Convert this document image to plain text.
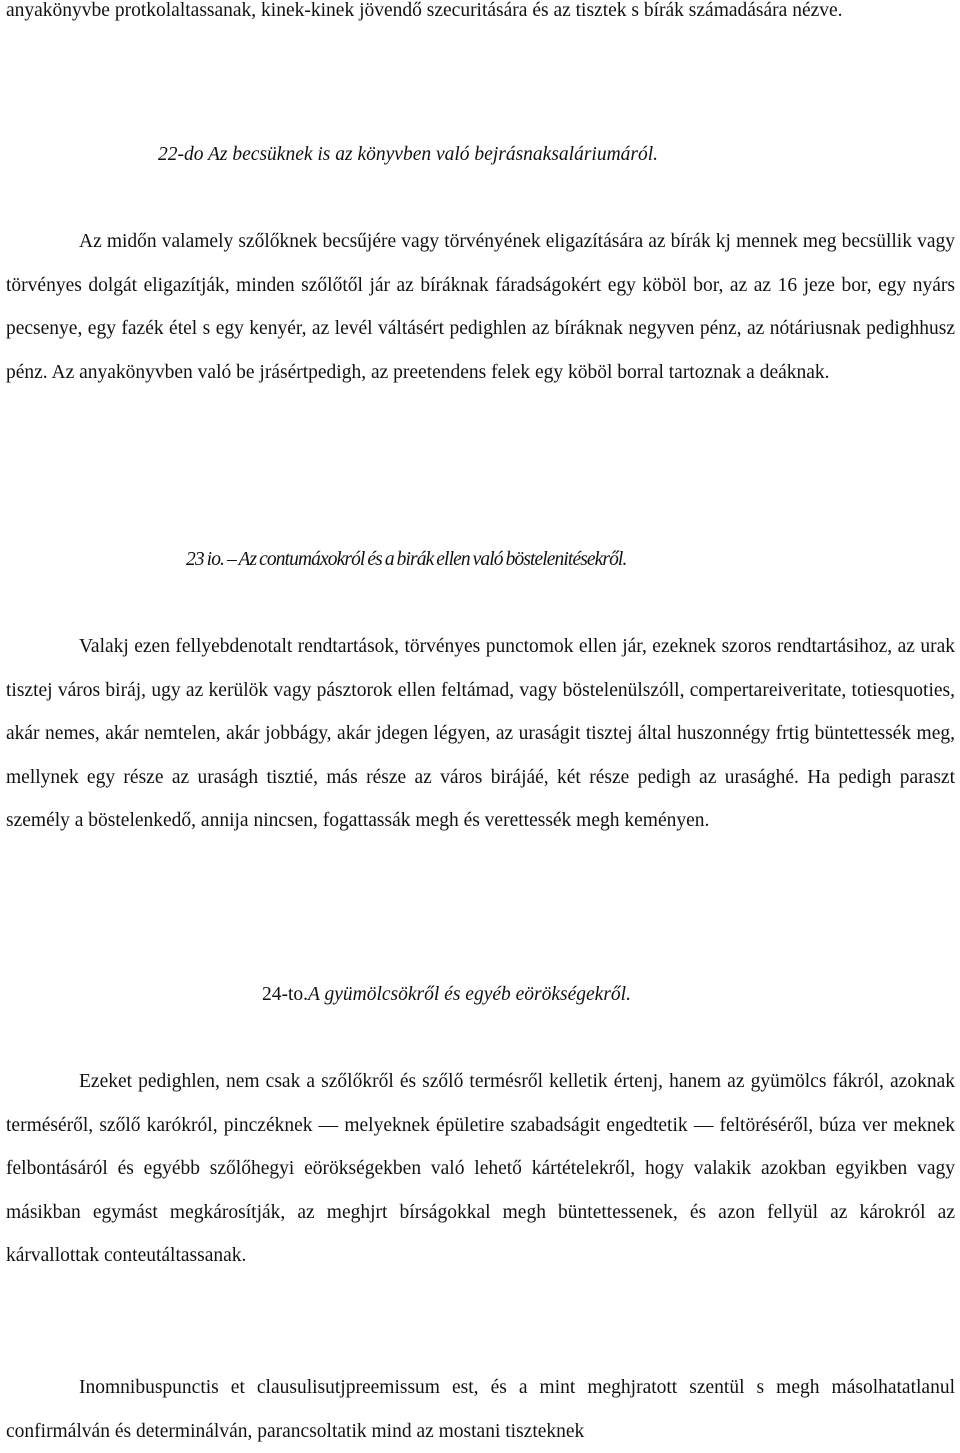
anyakönyvbe protkolaltassanak, kinek-kinek jövendő szecuritására és az tisztek s bírák számadására nézve.

22-do Az becsüknek is az könyvben való bejrásnaksaláriumáról.

Az midőn valamely szőlőknek becsűjére vagy törvényének eligazítására az bírák kj mennek meg becsüllik vagy törvényes dolgát eligazítják, minden szőlőtől jár az bíráknak fáradságokért egy köböl bor, az az 16 jeze bor, egy nyárs pecsenye, egy fazék étel s egy kenyér, az levél váltásért pedighlen az bíráknak negyven pénz, az nótáriusnak pedighhusz pénz. Az anyakönyvben való be jrásértpedigh, az preetendens felek egy köböl borral tartoznak a deáknak.

23 io. – Az contumáxokról és a birák ellen való böstelenitésekről.

Valakj ezen fellyebdenotalt rendtartások, törvényes punctomok ellen jár, ezeknek szoros rendtartásihoz, az urak tisztej város biráj, ugy az kerülök vagy pásztorok ellen feltámad, vagy böstelenülszóll, compertareiveritate, totiesquoties, akár nemes, akár nemtelen, akár jobbágy, akár jdegen légyen, az uraságit tisztej által huszonnégy frtig büntettessék meg, mellynek egy része az uraságh tisztié, más része az város birájáé, két része pedigh az urasághé. Ha pedigh paraszt személy a böstelenkedő, annija nincsen, fogattassák megh és verettessék megh keményen.

24-to.A gyümölcsökről és egyéb eörökségekről.

Ezeket pedighlen, nem csak a szőlőkről és szőlő termésről kelletik értenj, hanem az gyümölcs fákról, azoknak terméséről, szőlő karókról, pinczéknek — melyeknek épületire szabadságit engedtetik — feltöréséről, búza ver meknek felbontásáról és egyébb szőlőhegyi eörökségekben való lehető kártételekről, hogy valakik azokban egyikben vagy másikban egymást megkárosítják, az meghjrt bírságokkal megh büntettessenek, és azon fellyül az károkról az kárvallottak conteutáltassanak.

Inomnibuspunctis et clausulisutjpreemissum est, és a mint meghjratott szentül s megh másolhatatlanul confirmálván és determinálván, parancsoltatik mind az mostani tiszteknek
